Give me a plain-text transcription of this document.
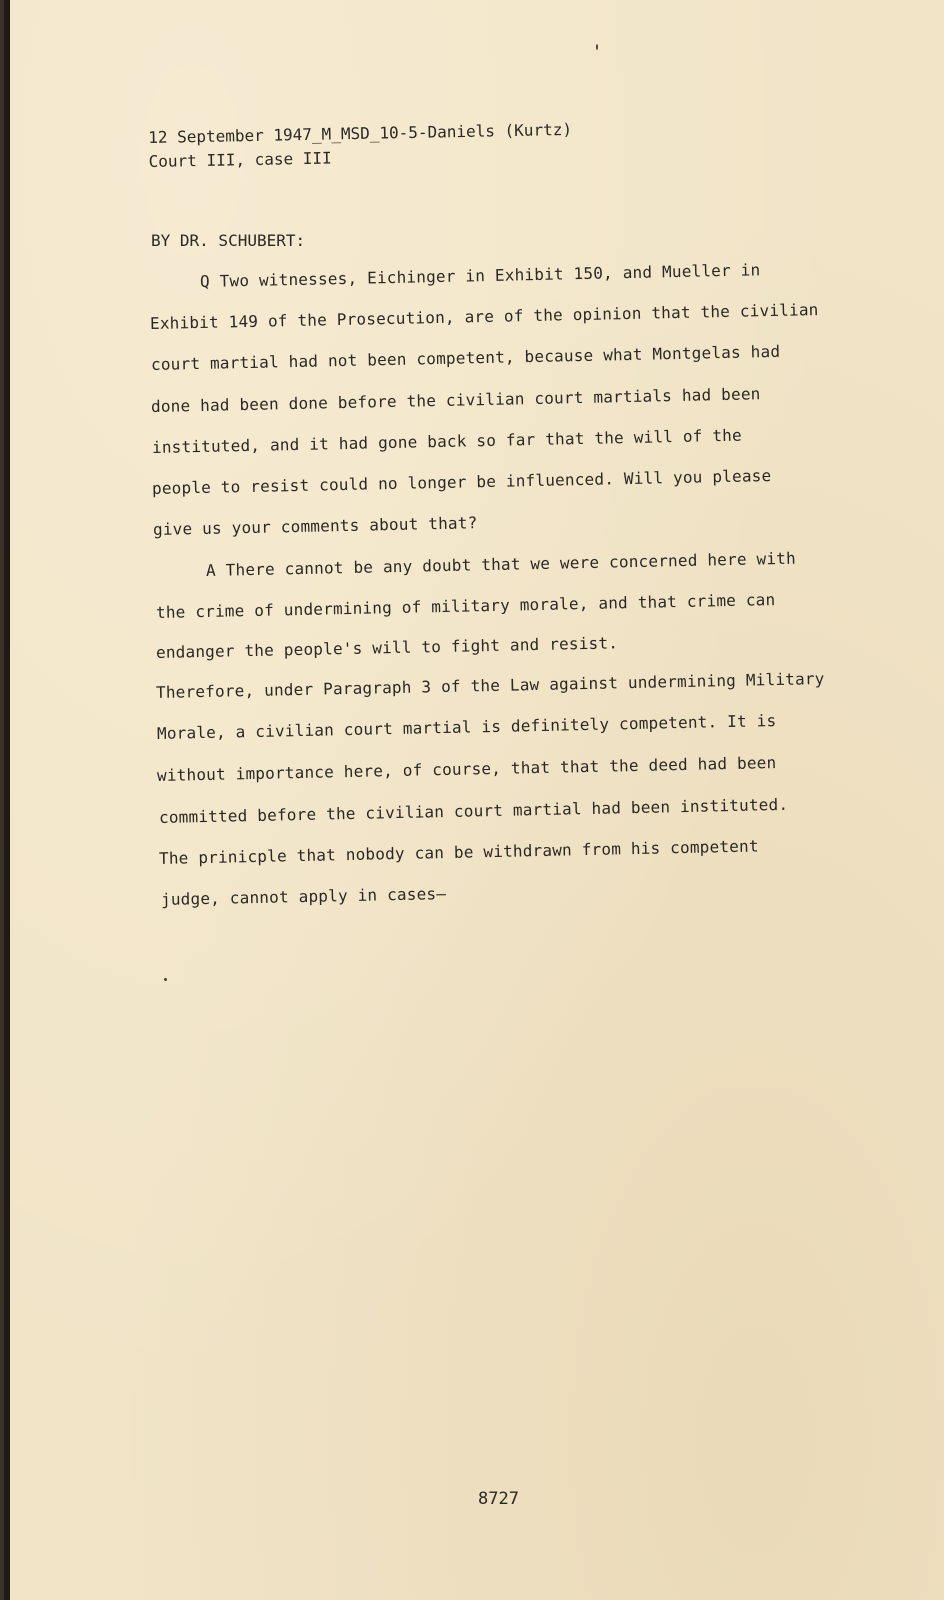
12 September 1947_M_MSD_10-5-Daniels (Kurtz)
Court III, case III
BY DR. SCHUBERT:
Q Two witnesses, Eichinger in Exhibit 150, and Mueller in
Exhibit 149 of the Prosecution, are of the opinion that the civilian
court martial had not been competent, because what Montgelas had
done had been done before the civilian court martials had been
instituted, and it had gone back so far that the will of the
people to resist could no longer be influenced. Will you please
give us your comments about that?
A There cannot be any doubt that we were concerned here with
the crime of undermining of military morale, and that crime can
endanger the people's will to fight and resist.
Therefore, under Paragraph 3 of the Law against undermining Military
Morale, a civilian court martial is definitely competent. It is
without importance here, of course, that that the deed had been
committed before the civilian court martial had been instituted.
The prinicple that nobody can be withdrawn from his competent
judge, cannot apply in cases—
8727
